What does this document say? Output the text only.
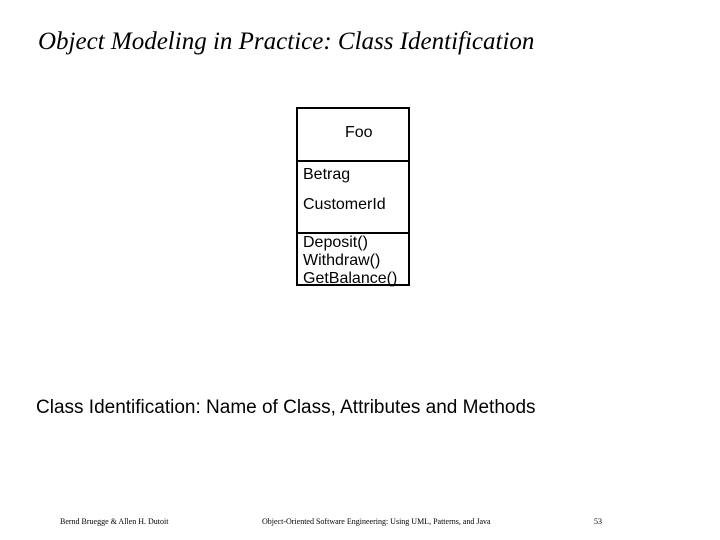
Object Modeling in Practice: Class Identification
Foo
Betrag
CustomerId
Deposit()
Withdraw()
GetBalance()
Class Identification: Name of Class, Attributes and Methods
Bernd Bruegge & Allen H. Dutoit	Object-Oriented Software Engineering: Using UML, Patterns, and Java	53
